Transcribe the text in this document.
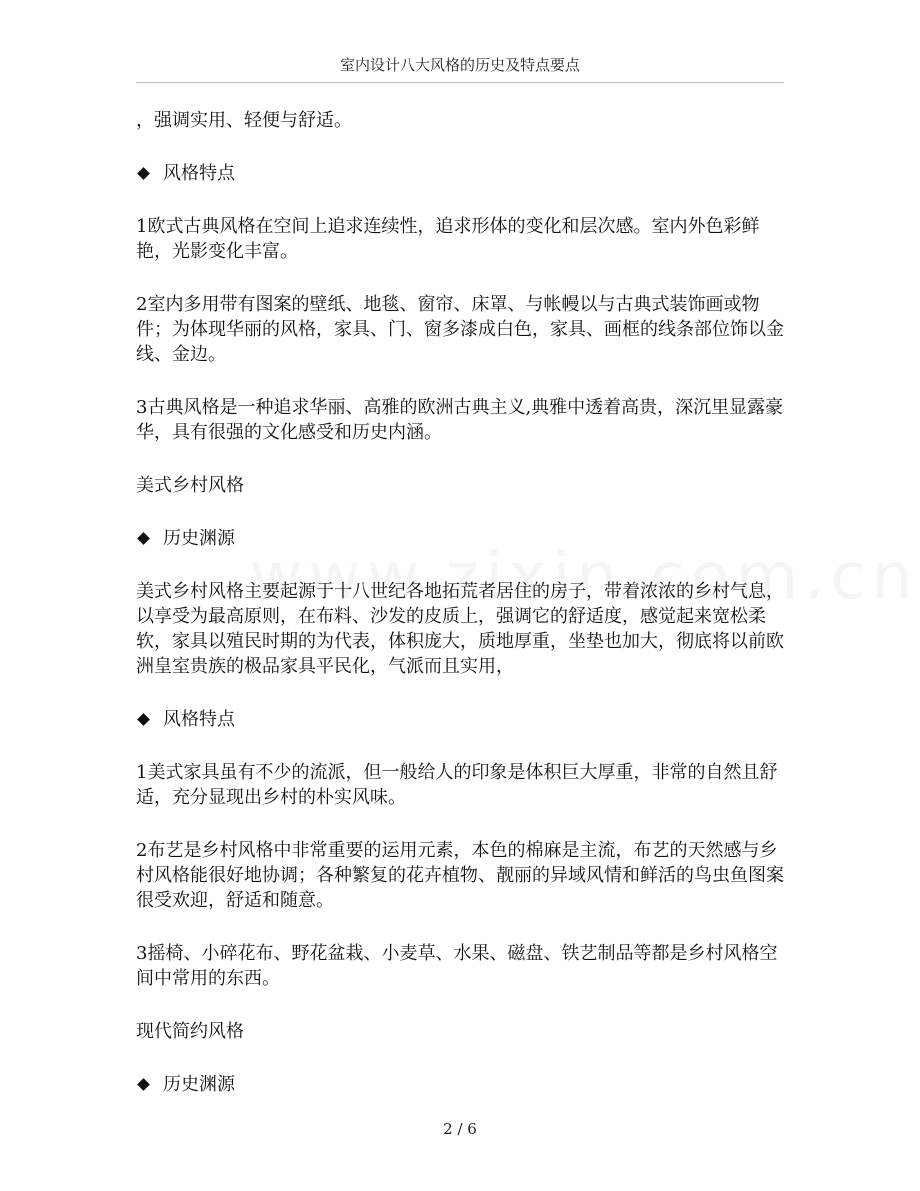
室内设计八大风格的历史及特点要点

，强调实用、轻便与舒适。

风格特点

1欧式古典风格在空间上追求连续性，追求形体的变化和层次感。室内外色彩鲜艳，光影变化丰富。

2室内多用带有图案的壁纸、地毯、窗帘、床罩、与帐幔以与古典式装饰画或物件；为体现华丽的风格，家具、门、窗多漆成白色，家具、画框的线条部位饰以金线、金边。

3古典风格是一种追求华丽、高雅的欧洲古典主义,典雅中透着高贵，深沉里显露豪华，具有很强的文化感受和历史内涵。

美式乡村风格

历史渊源

美式乡村风格主要起源于十八世纪各地拓荒者居住的房子，带着浓浓的乡村气息，以享受为最高原则，在布料、沙发的皮质上，强调它的舒适度，感觉起来宽松柔软，家具以殖民时期的为代表，体积庞大，质地厚重，坐垫也加大，彻底将以前欧洲皇室贵族的极品家具平民化，气派而且实用，

风格特点

1美式家具虽有不少的流派，但一般给人的印象是体积巨大厚重，非常的自然且舒适，充分显现出乡村的朴实风味。

2布艺是乡村风格中非常重要的运用元素，本色的棉麻是主流，布艺的天然感与乡村风格能很好地协调；各种繁复的花卉植物、靓丽的异域风情和鲜活的鸟虫鱼图案很受欢迎，舒适和随意。

3摇椅、小碎花布、野花盆栽、小麦草、水果、磁盘、铁艺制品等都是乡村风格空间中常用的东西。

现代简约风格

历史渊源
2 / 6
